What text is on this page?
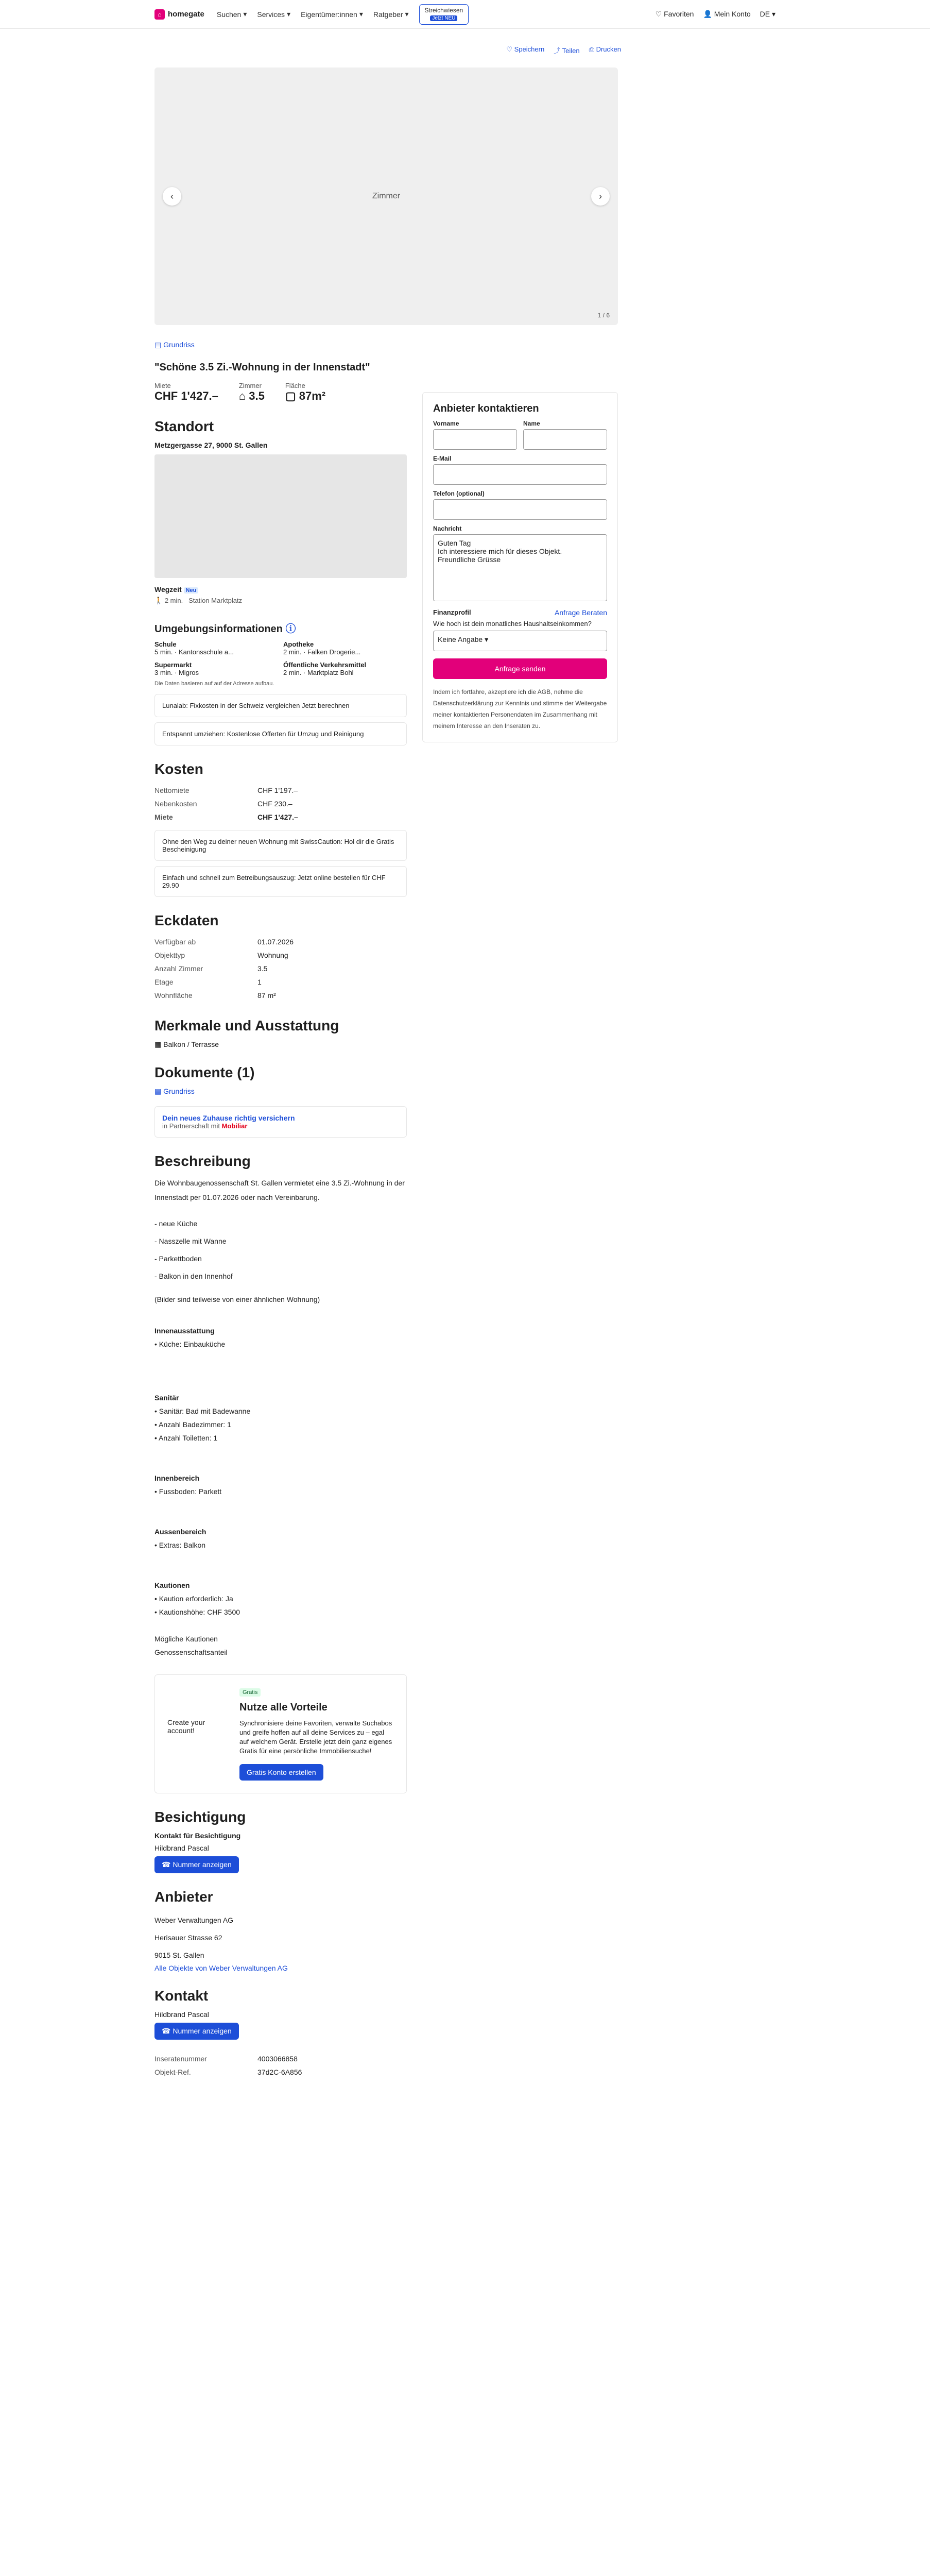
⌂ homegate Suchen ▾ Services ▾ Eigentümer:innen ▾ Ratgeber ▾	Streichwiesen
Jetzt NEU	♡ Favoriten 👤 Mein Konto DE ▾
♡ Speichern ⤴ Teilen ⎙ Drucken
Zimmer
‹	›
1 / 6
▤ Grundriss
"Schöne 3.5 Zi.-Wohnung in der Innenstadt"
Miete
CHF 1'427.–
Zimmer
⌂ 3.5
Fläche
▢ 87m²
Standort
Metzgergasse 27, 9000 St. Gallen
Wegzeit Neu
🚶 2 min. Station Marktplatz
Umgebungsinformationen ⓘ
Schule
5 min. · Kantonsschule a...
Apotheke
2 min. · Falken Drogerie...
Supermarkt
3 min. · Migros
Öffentliche Verkehrsmittel
2 min. · Marktplatz Bohl
Die Daten basieren auf auf der Adresse aufbau.
Lunalab: Fixkosten in der Schweiz vergleichen Jetzt berechnen
Entspannt umziehen: Kostenlose Offerten für Umzug und Reinigung
Kosten
Nettomiete	CHF 1'197.–
Nebenkosten	CHF 230.–
Miete	CHF 1'427.–
Ohne den Weg zu deiner neuen Wohnung mit SwissCaution: Hol dir die Gratis Bescheinigung
Einfach und schnell zum Betreibungsauszug: Jetzt online bestellen für CHF 29.90
Eckdaten
Verfügbar ab	01.07.2026
Objekttyp	Wohnung
Anzahl Zimmer	3.5
Etage	1
Wohnfläche	87 m²
Merkmale und Ausstattung
▦ Balkon / Terrasse
Dokumente (1)
▤ Grundriss
Dein neues Zuhause richtig versichern
in Partnerschaft mit Mobiliar
Beschreibung

Die Wohnbaugenossenschaft St. Gallen vermietet eine 3.5 Zi.-Wohnung in der Innenstadt per 01.07.2026 oder nach Vereinbarung.

- neue Küche
- Nasszelle mit Wanne
- Parkettboden
- Balkon in den Innenhof

(Bilder sind teilweise von einer ähnlichen Wohnung)

Innenausstattung
• Küche: Einbauküche

Sanitär
• Sanitär: Bad mit Badewanne
• Anzahl Badezimmer: 1
• Anzahl Toiletten: 1

Innenbereich
• Fussboden: Parkett

Aussenbereich
• Extras: Balkon

Kautionen
• Kaution erforderlich: Ja
• Kautionshöhe: CHF 3500

Mögliche Kautionen
Genossenschaftsanteil
Create your account!
Gratis
Nutze alle Vorteile
Synchronisiere deine Favoriten, verwalte Suchabos und greife hoffen auf all deine Services zu – egal auf welchem Gerät. Erstelle jetzt dein ganz eigenes Gratis für eine persönliche Immobiliensuche!
Gratis Konto erstellen
Besichtigung
Kontakt für Besichtigung
Hildbrand Pascal
☎ Nummer anzeigen
Anbieter
Weber Verwaltungen AG
Herisauer Strasse 62
9015 St. Gallen
Alle Objekte von Weber Verwaltungen AG
Kontakt
Hildbrand Pascal
☎ Nummer anzeigen
Inseratenummer	4003066858
Objekt-Ref.	37d2C-6A856
Anbieter kontaktieren
Vorname	Name
E-Mail
Telefon (optional)
Nachricht
Guten Tag
Ich interessiere mich für dieses Objekt.
Freundliche Grüsse
Finanzprofil	Anfrage Beraten
Wie hoch ist dein monatliches Haushaltseinkommen?
Keine Angabe ▾
Anfrage senden
Indem ich fortfahre, akzeptiere ich die AGB, nehme die Datenschutzerklärung zur Kenntnis und stimme der Weitergabe meiner kontaktierten Personendaten im Zusammenhang mit meinem Interesse an den Inseraten zu.
